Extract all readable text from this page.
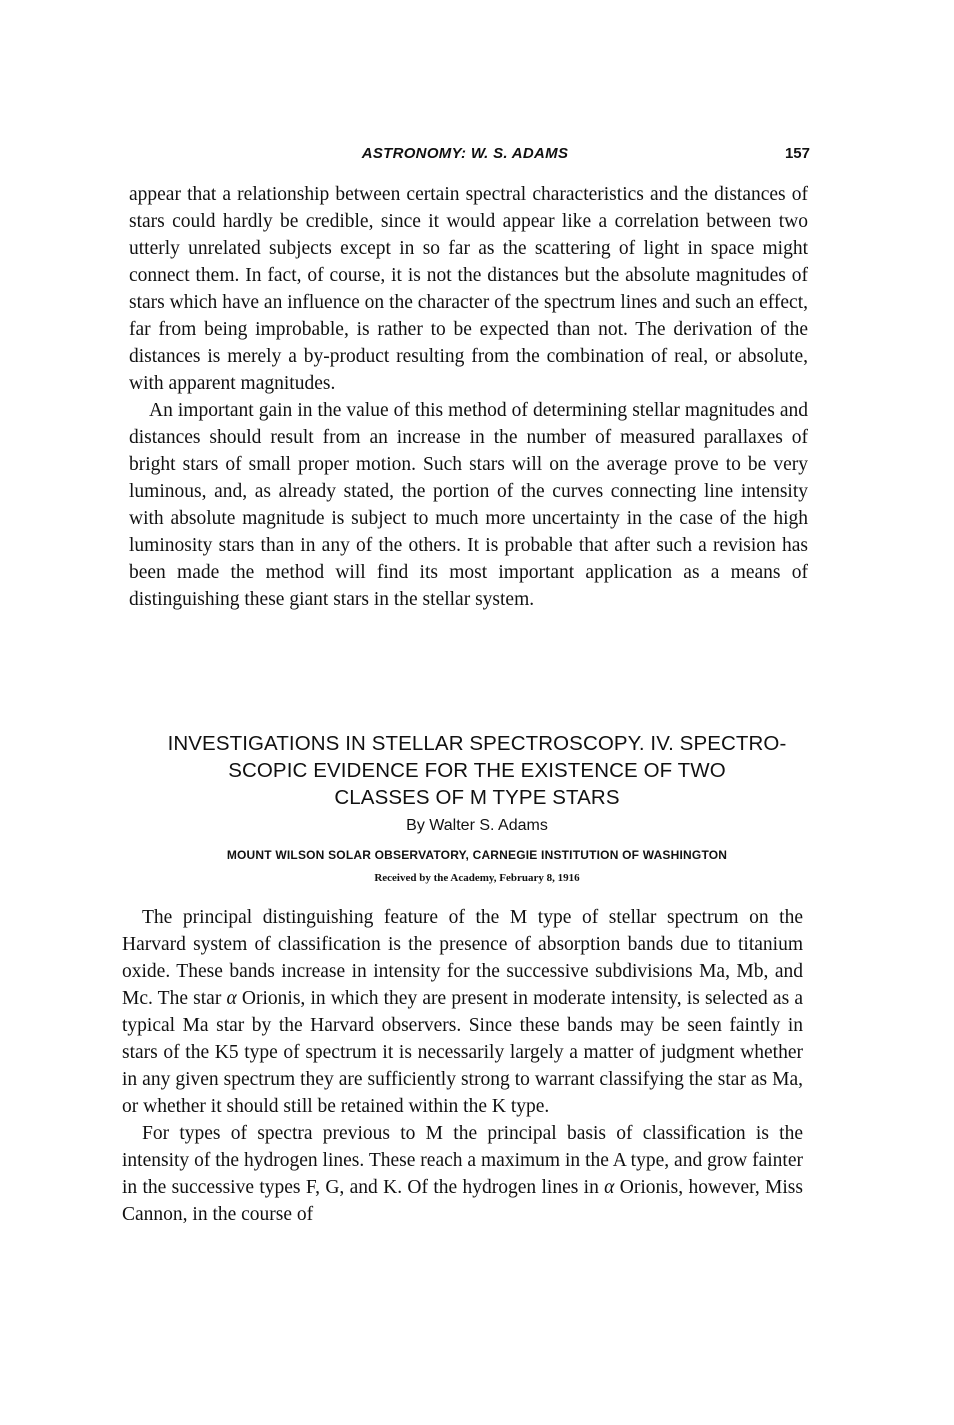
ASTRONOMY: W. S. ADAMS	157

appear that a relationship between certain spectral characteristics and the distances of stars could hardly be credible, since it would appear like a correlation between two utterly unrelated subjects except in so far as the scattering of light in space might connect them. In fact, of course, it is not the distances but the absolute magnitudes of stars which have an influence on the character of the spectrum lines and such an effect, far from being improbable, is rather to be expected than not. The derivation of the distances is merely a by-product resulting from the combination of real, or absolute, with apparent magnitudes.

An important gain in the value of this method of determining stellar magnitudes and distances should result from an increase in the number of measured parallaxes of bright stars of small proper motion. Such stars will on the average prove to be very luminous, and, as already stated, the portion of the curves connecting line intensity with absolute magnitude is subject to much more uncertainty in the case of the high luminosity stars than in any of the others. It is probable that after such a revision has been made the method will find its most important application as a means of distinguishing these giant stars in the stellar system.

INVESTIGATIONS IN STELLAR SPECTROSCOPY. IV. SPECTRO-
SCOPIC EVIDENCE FOR THE EXISTENCE OF TWO
CLASSES OF M TYPE STARS
By Walter S. Adams
MOUNT WILSON SOLAR OBSERVATORY, CARNEGIE INSTITUTION OF WASHINGTON
Received by the Academy, February 8, 1916

The principal distinguishing feature of the M type of stellar spectrum on the Harvard system of classification is the presence of absorption bands due to titanium oxide. These bands increase in intensity for the successive subdivisions Ma, Mb, and Mc. The star α Orionis, in which they are present in moderate intensity, is selected as a typical Ma star by the Harvard observers. Since these bands may be seen faintly in stars of the K5 type of spectrum it is necessarily largely a matter of judgment whether in any given spectrum they are sufficiently strong to warrant classifying the star as Ma, or whether it should still be retained within the K type.

For types of spectra previous to M the principal basis of classification is the intensity of the hydrogen lines. These reach a maximum in the A type, and grow fainter in the successive types F, G, and K. Of the hydrogen lines in α Orionis, however, Miss Cannon, in the course of
